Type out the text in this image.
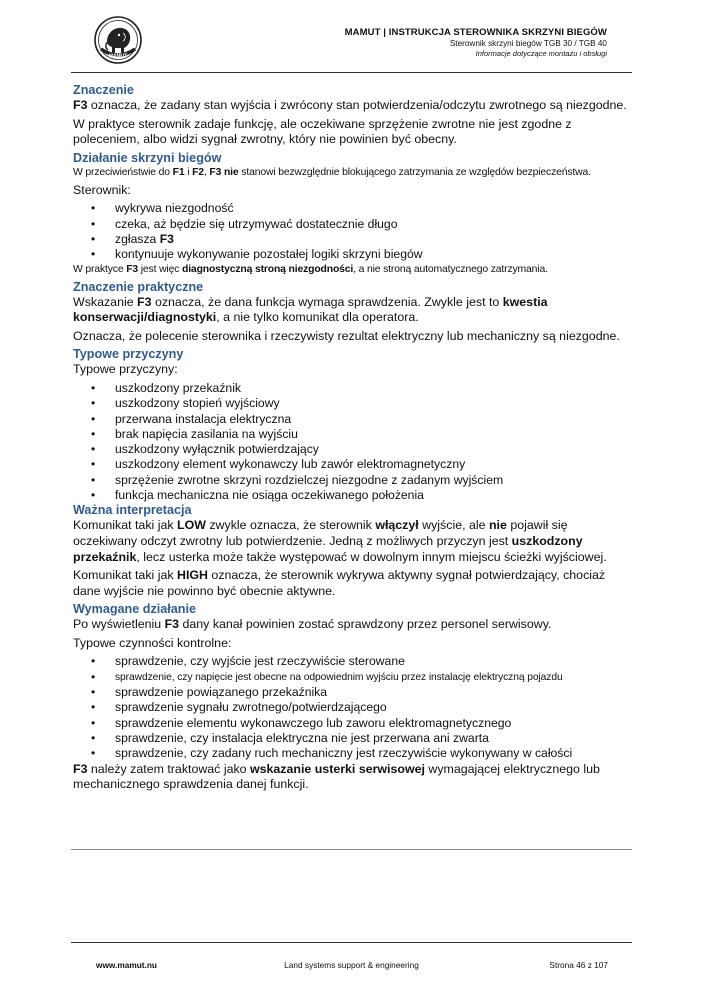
MAMUT
MAMUT | INSTRUKCJA STEROWNIKA SKRZYNI BIEGÓW
Sterownik skrzyni biegów TGB 30 / TGB 40
Informacje dotyczące montażu i obsługi
Znaczenie

F3 oznacza, że zadany stan wyjścia i zwrócony stan potwierdzenia/odczytu zwrotnego są niezgodne.

W praktyce sterownik zadaje funkcję, ale oczekiwane sprzężenie zwrotne nie jest zgodne z poleceniem, albo widzi sygnał zwrotny, który nie powinien być obecny.

Działanie skrzyni biegów

W przeciwieństwie do F1 i F2, F3 nie stanowi bezwzględnie blokującego zatrzymania ze względów bezpieczeństwa.

Sterownik:

• wykrywa niezgodność
• czeka, aż będzie się utrzymywać dostatecznie długo
• zgłasza F3
• kontynuuje wykonywanie pozostałej logiki skrzyni biegów

W praktyce F3 jest więc diagnostyczną stroną niezgodności, a nie stroną automatycznego zatrzymania.

Znaczenie praktyczne

Wskazanie F3 oznacza, że dana funkcja wymaga sprawdzenia. Zwykle jest to kwestia konserwacji/diagnostyki, a nie tylko komunikat dla operatora.

Oznacza, że polecenie sterownika i rzeczywisty rezultat elektryczny lub mechaniczny są niezgodne.

Typowe przyczyny

Typowe przyczyny:

• uszkodzony przekaźnik
• uszkodzony stopień wyjściowy
• przerwana instalacja elektryczna
• brak napięcia zasilania na wyjściu
• uszkodzony wyłącznik potwierdzający
• uszkodzony element wykonawczy lub zawór elektromagnetyczny
• sprzężenie zwrotne skrzyni rozdzielczej niezgodne z zadanym wyjściem
• funkcja mechaniczna nie osiąga oczekiwanego położenia
Ważna interpretacja

Komunikat taki jak LOW zwykle oznacza, że sterownik włączył wyjście, ale nie pojawił się oczekiwany odczyt zwrotny lub potwierdzenie. Jedną z możliwych przyczyn jest uszkodzony przekaźnik, lecz usterka może także występować w dowolnym innym miejscu ścieżki wyjściowej.

Komunikat taki jak HIGH oznacza, że sterownik wykrywa aktywny sygnał potwierdzający, chociaż dane wyjście nie powinno być obecnie aktywne.

Wymagane działanie

Po wyświetleniu F3 dany kanał powinien zostać sprawdzony przez personel serwisowy.

Typowe czynności kontrolne:

• sprawdzenie, czy wyjście jest rzeczywiście sterowane
• sprawdzenie, czy napięcie jest obecne na odpowiednim wyjściu przez instalację elektryczną pojazdu
• sprawdzenie powiązanego przekaźnika
• sprawdzenie sygnału zwrotnego/potwierdzającego
• sprawdzenie elementu wykonawczego lub zaworu elektromagnetycznego
• sprawdzenie, czy instalacja elektryczna nie jest przerwana ani zwarta
• sprawdzenie, czy zadany ruch mechaniczny jest rzeczywiście wykonywany w całości

F3 należy zatem traktować jako wskazanie usterki serwisowej wymagającej elektrycznego lub mechanicznego sprawdzenia danej funkcji.

www.mamut.nu	Land systems support & engineering	Strona 46 z 107
